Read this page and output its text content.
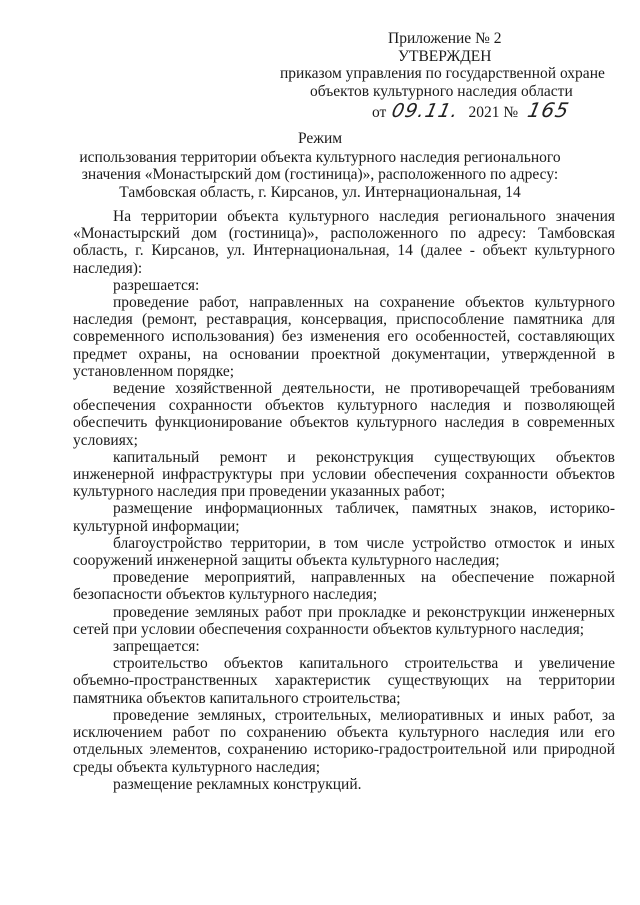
Приложение № 2
УТВЕРЖДЕН
приказом управления по государственной охране
объектов культурного наследия области
от 09.11. 2021 № 165
Режим
использования территории объекта культурного наследия регионального
значения «Монастырский дом (гостиница)», расположенного по адресу:
Тамбовская область, г. Кирсанов, ул. Интернациональная, 14

На территории объекта культурного наследия регионального значения «Монастырский дом (гостиница)», расположенного по адресу: Тамбовская область, г. Кирсанов, ул. Интернациональная, 14 (далее - объект культурного наследия):

разрешается:

проведение работ, направленных на сохранение объектов культурного наследия (ремонт, реставрация, консервация, приспособление памятника для современного использования) без изменения его особенностей, составляющих предмет охраны, на основании проектной документации, утвержденной в установленном порядке;

ведение хозяйственной деятельности, не противоречащей требованиям обеспечения сохранности объектов культурного наследия и позволяющей обеспечить функционирование объектов культурного наследия в современных условиях;

капитальный ремонт и реконструкция существующих объектов инженерной инфраструктуры при условии обеспечения сохранности объектов культурного наследия при проведении указанных работ;

размещение информационных табличек, памятных знаков, историко-культурной информации;

благоустройство территории, в том числе устройство отмосток и иных сооружений инженерной защиты объекта культурного наследия;

проведение мероприятий, направленных на обеспечение пожарной безопасности объектов культурного наследия;

проведение земляных работ при прокладке и реконструкции инженерных сетей при условии обеспечения сохранности объектов культурного наследия;

запрещается:

строительство объектов капитального строительства и увеличение объемно-пространственных характеристик существующих на территории памятника объектов капитального строительства;

проведение земляных, строительных, мелиоративных и иных работ, за исключением работ по сохранению объекта культурного наследия или его отдельных элементов, сохранению историко-градостроительной или природной среды объекта культурного наследия;

размещение рекламных конструкций.
